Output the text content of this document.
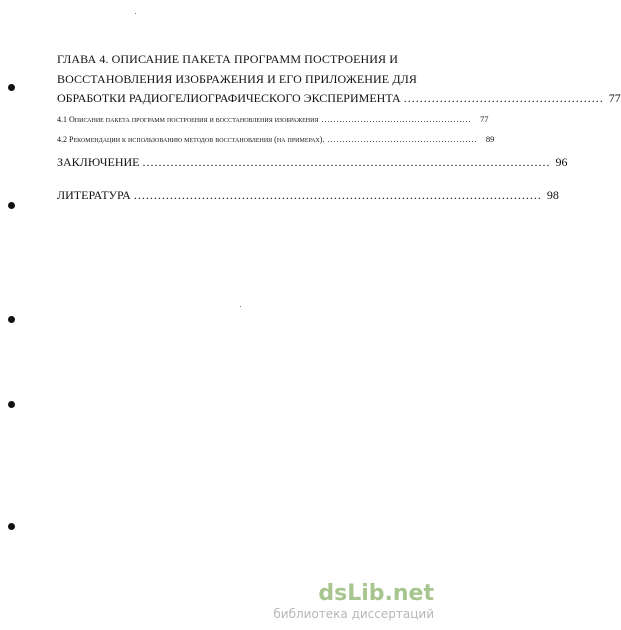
ГЛАВА 4. ОПИСАНИЕ ПАКЕТА ПРОГРАММ ПОСТРОЕНИЯ И
ВОССТАНОВЛЕНИЯ ИЗОБРАЖЕНИЯ И ЕГО ПРИЛОЖЕНИЕ ДЛЯ
ОБРАБОТКИ РАДИОГЕЛИОГРАФИЧЕСКОГО ЭКСПЕРИМЕНТА .................................................. 77
4.1 Описание пакета программ построения и восстановления изображения ..................................................	77
4.2 Рекомендации к использованию методов восстановления (на примерах). ..................................................	89
ЗАКЛЮЧЕНИЕ ...................................................................................................... 96
ЛИТЕРАТУРА ...................................................................................................... 98
dsLib.net
библиотека диссертаций
